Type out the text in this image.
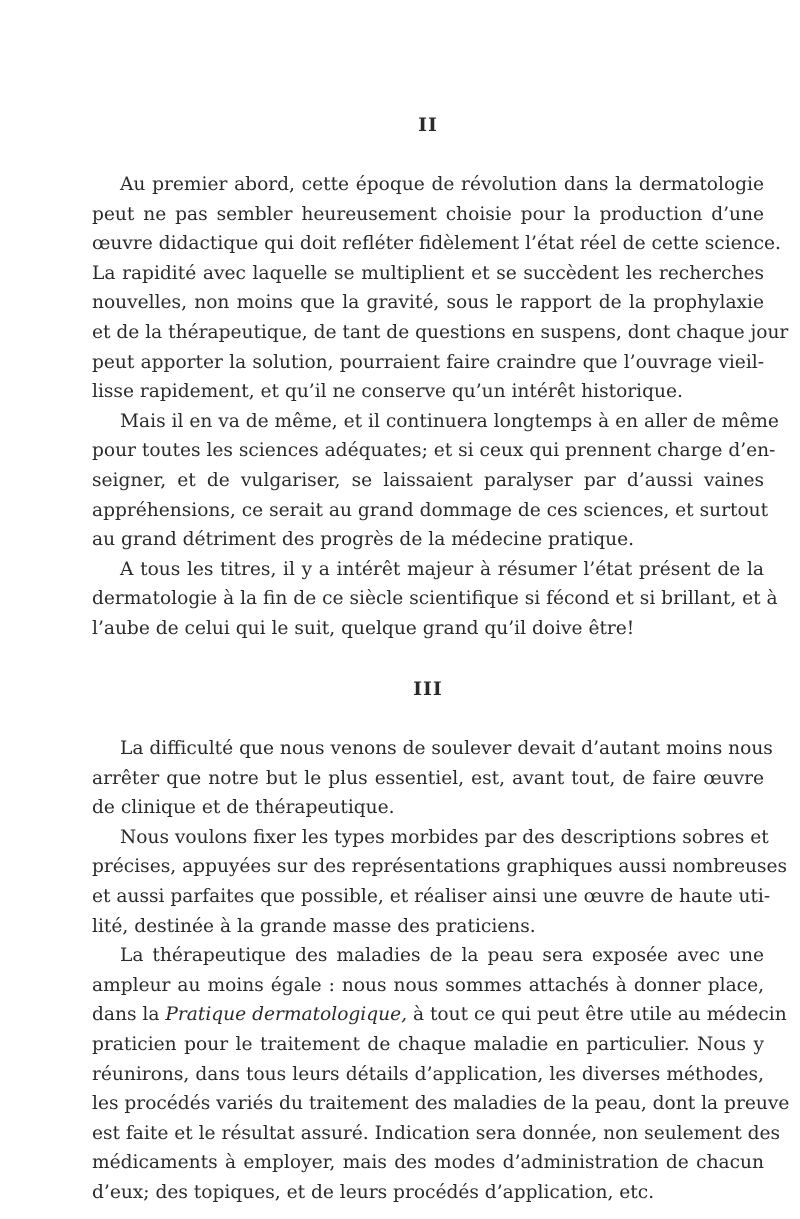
II
Au premier abord, cette époque de révolution dans la dermatologie
peut ne pas sembler heureusement choisie pour la production d’une
œuvre didactique qui doit refléter fidèlement l’état réel de cette science.
La rapidité avec laquelle se multiplient et se succèdent les recherches
nouvelles, non moins que la gravité, sous le rapport de la prophylaxie
et de la thérapeutique, de tant de questions en suspens, dont chaque jour
peut apporter la solution, pourraient faire craindre que l’ouvrage vieil-
lisse rapidement, et qu’il ne conserve qu’un intérêt historique.
Mais il en va de même, et il continuera longtemps à en aller de même
pour toutes les sciences adéquates; et si ceux qui prennent charge d’en-
seigner, et de vulgariser, se laissaient paralyser par d’aussi vaines
appréhensions, ce serait au grand dommage de ces sciences, et surtout
au grand détriment des progrès de la médecine pratique.
A tous les titres, il y a intérêt majeur à résumer l’état présent de la
dermatologie à la fin de ce siècle scientifique si fécond et si brillant, et à
l’aube de celui qui le suit, quelque grand qu’il doive être!
III
La difficulté que nous venons de soulever devait d’autant moins nous
arrêter que notre but le plus essentiel, est, avant tout, de faire œuvre
de clinique et de thérapeutique.
Nous voulons fixer les types morbides par des descriptions sobres et
précises, appuyées sur des représentations graphiques aussi nombreuses
et aussi parfaites que possible, et réaliser ainsi une œuvre de haute uti-
lité, destinée à la grande masse des praticiens.
La thérapeutique des maladies de la peau sera exposée avec une
ampleur au moins égale : nous nous sommes attachés à donner place,
dans la Pratique dermatologique, à tout ce qui peut être utile au médecin
praticien pour le traitement de chaque maladie en particulier. Nous y
réunirons, dans tous leurs détails d’application, les diverses méthodes,
les procédés variés du traitement des maladies de la peau, dont la preuve
est faite et le résultat assuré. Indication sera donnée, non seulement des
médicaments à employer, mais des modes d’administration de chacun
d’eux; des topiques, et de leurs procédés d’application, etc.
